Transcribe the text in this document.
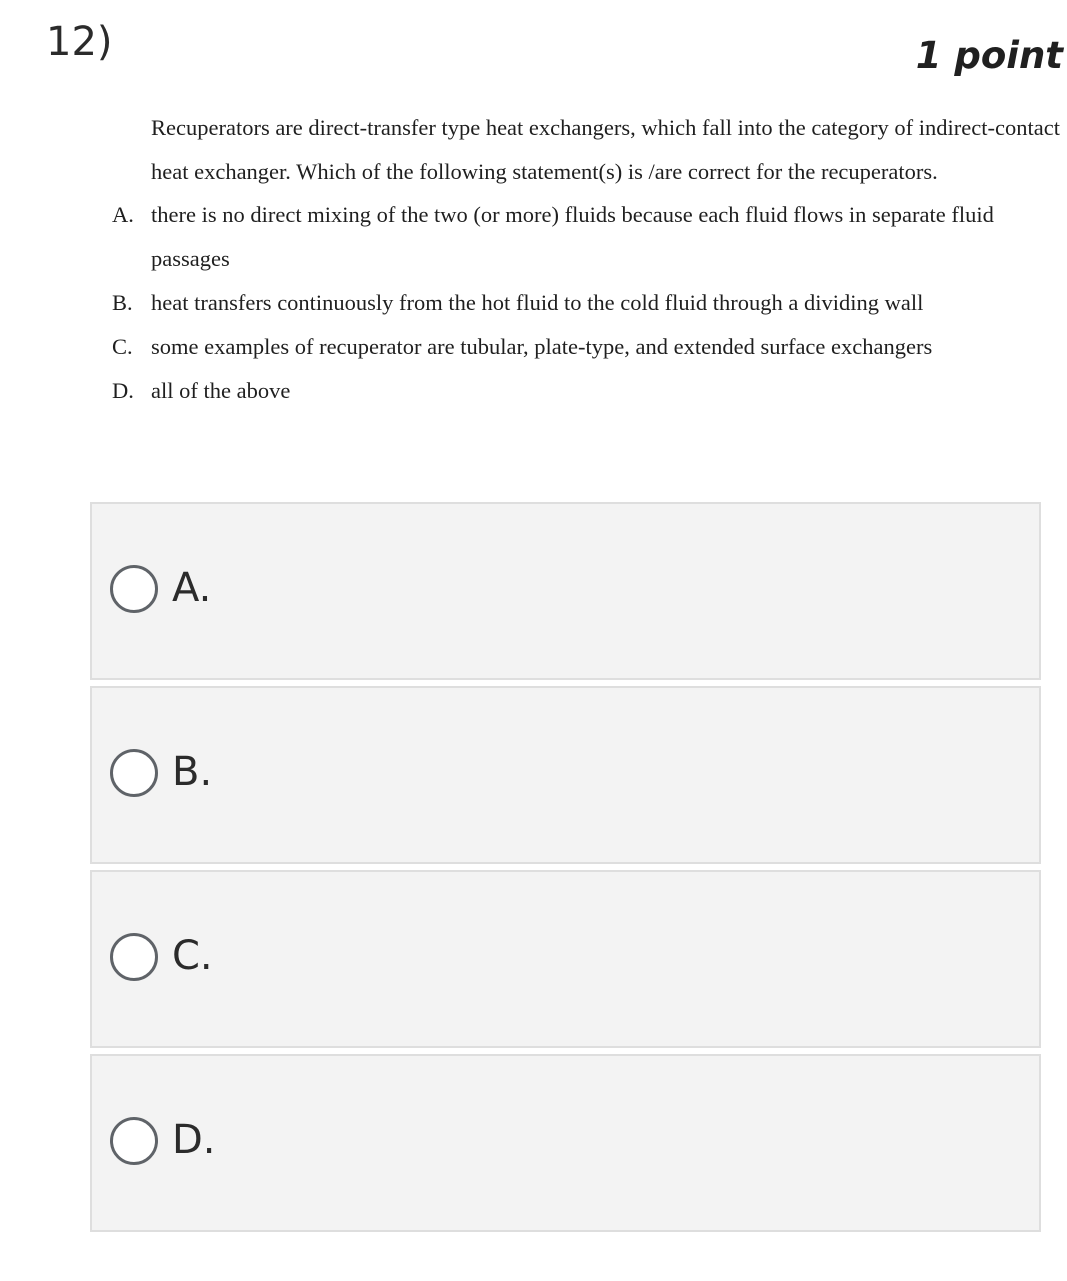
12)	1 point
Recuperators are direct-transfer type heat exchangers, which fall into the category of indirect-contact heat exchanger. Which of the following statement(s) is /are correct for the recuperators.
A. there is no direct mixing of the two (or more) fluids because each fluid flows in separate fluid passages
B. heat transfers continuously from the hot fluid to the cold fluid through a dividing wall
C. some examples of recuperator are tubular, plate-type, and extended surface exchangers
D. all of the above
A.
B.
C.
D.
